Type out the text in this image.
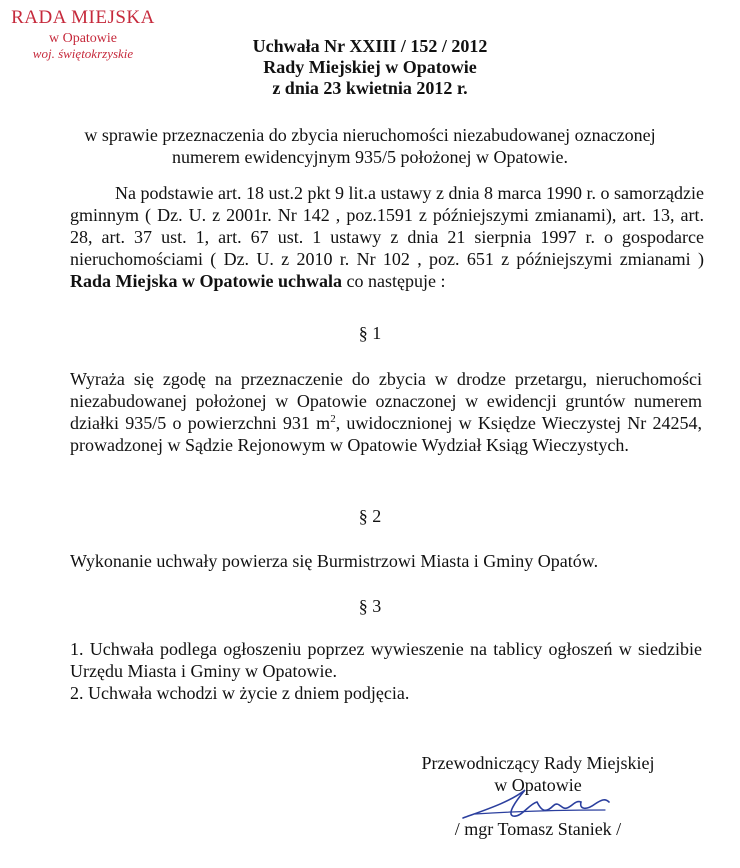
RADA MIEJSKA
w Opatowie
woj. świętokrzyskie	Uchwała Nr XXIII / 152 / 2012
Rady Miejskiej w Opatowie
z dnia 23 kwietnia 2012 r.
w sprawie przeznaczenia do zbycia nieruchomości niezabudowanej oznaczonej
numerem ewidencyjnym 935/5 położonej w Opatowie.
Na podstawie art. 18 ust.2 pkt 9 lit.a ustawy z dnia 8 marca 1990 r. o samorządzie gminnym ( Dz. U. z 2001r. Nr 142 , poz.1591 z późniejszymi zmianami), art. 13, art. 28, art. 37 ust. 1, art. 67 ust. 1 ustawy z dnia 21 sierpnia 1997 r. o gospodarce nieruchomościami ( Dz. U. z 2010 r. Nr 102 , poz. 651 z późniejszymi zmianami ) Rada Miejska w Opatowie uchwala co następuje :
§ 1
Wyraża się zgodę na przeznaczenie do zbycia w drodze przetargu, nieruchomości niezabudowanej położonej w Opatowie oznaczonej w ewidencji gruntów numerem działki 935/5 o powierzchni 931 $m^2$, uwidocznionej w Księdze Wieczystej Nr 24254, prowadzonej w Sądzie Rejonowym w Opatowie Wydział Ksiąg Wieczystych.
§ 2
Wykonanie uchwały powierza się Burmistrzowi Miasta i Gminy Opatów.
§ 3
1. Uchwała podlega ogłoszeniu poprzez wywieszenie na tablicy ogłoszeń w siedzibie Urzędu Miasta i Gminy w Opatowie.
2. Uchwała wchodzi w życie z dniem podjęcia.
Przewodniczący Rady Miejskiej
w Opatowie
/ mgr Tomasz Staniek /
